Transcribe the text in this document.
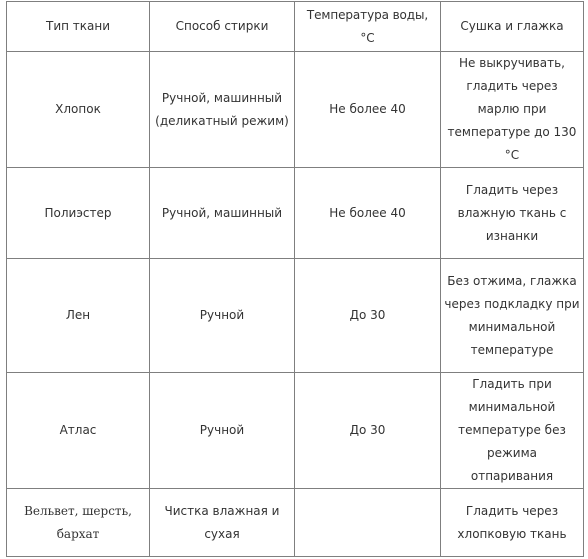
Тип ткани	Способ стирки	Температура воды, °С	Сушка и глажка
Хлопок	Ручной, машинный (деликатный режим)	Не более 40	Не выкручивать, гладить через марлю при температуре до 130 °С
Полиэстер	Ручной, машинный	Не более 40	Гладить через влажную ткань с изнанки
Лен	Ручной	До 30	Без отжима, глажка через подкладку при минимальной температуре
Атлас	Ручной	До 30	Гладить при минимальной температуре без режима отпаривания
Вельвет, шерсть, бархат	Чистка влажная и сухая		Гладить через хлопковую ткань
